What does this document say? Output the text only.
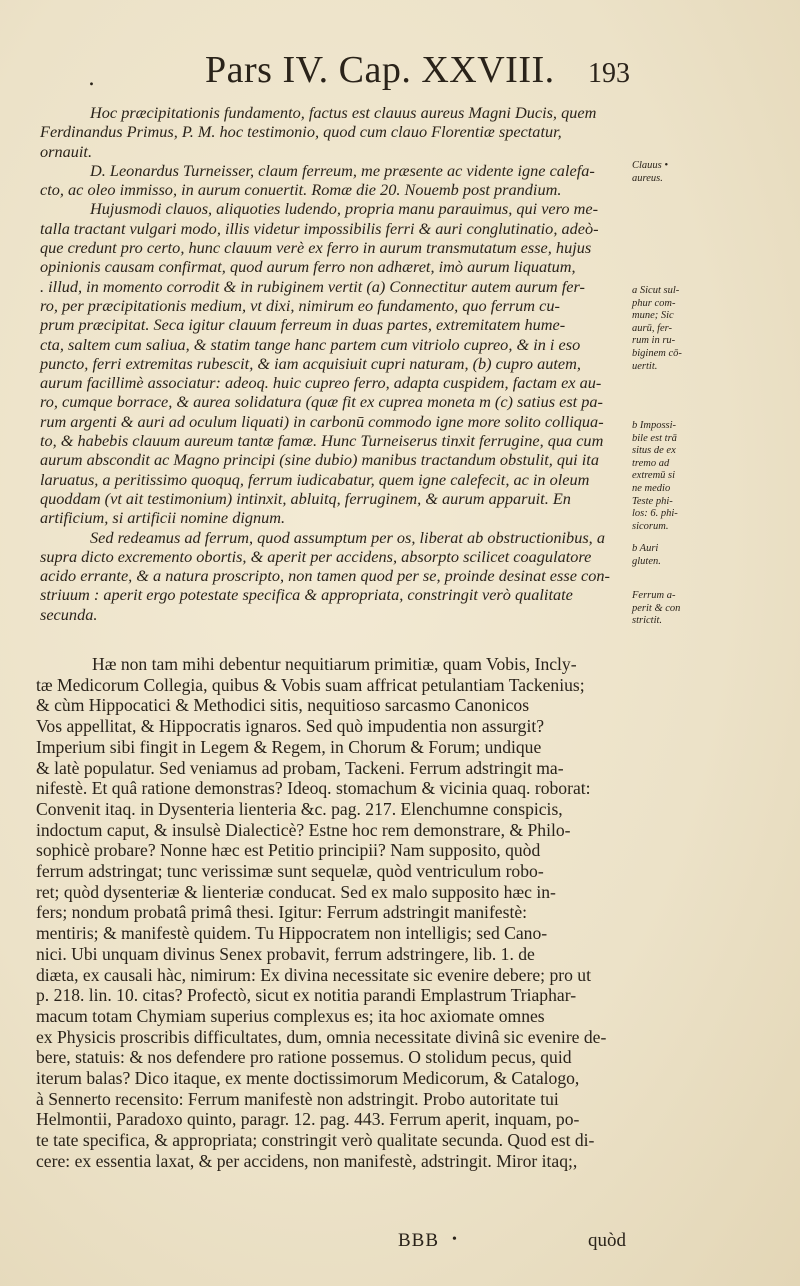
.	Pars IV. Cap. XXVIII. 193

Hoc præcipitationis fundamento, factus est clauus aureus Magni Ducis, quem
Ferdinandus Primus, P. M. hoc testimonio, quod cum clauo Florentiæ spectatur,
ornauit.

D. Leonardus Turneisser, claum ferreum, me præsente ac vidente igne calefa-
cto, ac oleo immisso, in aurum conuertit. Romæ die 20. Nouemb post prandium.

Hujusmodi clauos, aliquoties ludendo, propria manu parauimus, qui vero me-
talla tractant vulgari modo, illis videtur impossibilis ferri & auri conglutinatio, adeò-
que credunt pro certo, hunc clauum verè ex ferro in aurum transmutatum esse, hujus
opinionis causam confirmat, quod aurum ferro non adhæret, imò aurum liquatum,
. illud, in momento corrodit & in rubiginem vertit (a) Connectitur autem aurum fer-
ro, per præcipitationis medium, vt dixi, nimirum eo fundamento, quo ferrum cu-
prum præcipitat. Seca igitur clauum ferreum in duas partes, extremitatem hume-
cta, saltem cum saliua, & statim tange hanc partem cum vitriolo cupreo, & in i eso
puncto, ferri extremitas rubescit, & iam acquisiuit cupri naturam, (b) cupro autem,
aurum facillimè associatur: adeoq. huic cupreo ferro, adapta cuspidem, factam ex au-
ro, cumque borrace, & aurea solidatura (quæ fit ex cuprea moneta m (c) satius est pa-
rum argenti & auri ad oculum liquati) in carbonū commodo igne more solito colliqua-
to, & habebis clauum aureum tantæ famæ. Hunc Turneiserus tinxit ferrugine, qua cum
aurum abscondit ac Magno principi (sine dubio) manibus tractandum obstulit, qui ita
laruatus, a peritissimo quoquq, ferrum iudicabatur, quem igne calefecit, ac in oleum
quoddam (vt ait testimonium) intinxit, abluitq, ferruginem, & aurum apparuit. En
artificium, si artificii nomine dignum.

Sed redeamus ad ferrum, quod assumptum per os, liberat ab obstructionibus, a
supra dicto excremento obortis, & aperit per accidens, absorpto scilicet coagulatore
acido errante, & a natura proscripto, non tamen quod per se, proinde desinat esse con-
striuum : aperit ergo potestate specifica & appropriata, constringit verò qualitate
secunda.

Clauus •
aureus.
a Sicut sul-
phur com-
mune; Sic
aurū, fer-
rum in ru-
biginem cō-
uertit.
b Impossi-
bile est trā
situs de ex
tremo ad
extremū si
ne medio
Teste phi-
los: 6. phi-
sicorum.
b Auri
gluten.
Ferrum a-
perit & con
strictit.
Hæ non tam mihi debentur nequitiarum primitiæ, quam Vobis, Incly-
tæ Medicorum Collegia, quibus & Vobis suam affricat petulantiam Tackenius;
& cùm Hippocatici & Methodici sitis, nequitioso sarcasmo Canonicos
Vos appellitat, & Hippocratis ignaros. Sed quò impudentia non assurgit?
Imperium sibi fingit in Legem & Regem, in Chorum & Forum; undique
& latè populatur. Sed veniamus ad probam, Tackeni. Ferrum adstringit ma-
nifestè. Et quâ ratione demonstras? Ideoq. stomachum & vicinia quaq. roborat:
Convenit itaq. in Dysenteria lienteria &c. pag. 217. Elenchumne conspicis,
indoctum caput, & insulsè Dialecticè? Estne hoc rem demonstrare, & Philo-
sophicè probare? Nonne hæc est Petitio principii? Nam supposito, quòd
ferrum adstringat; tunc verissimæ sunt sequelæ, quòd ventriculum robo-
ret; quòd dysenteriæ & lienteriæ conducat. Sed ex malo supposito hæc in-
fers; nondum probatâ primâ thesi. Igitur: Ferrum adstringit manifestè:
mentiris; & manifestè quidem. Tu Hippocratem non intelligis; sed Cano-
nici. Ubi unquam divinus Senex probavit, ferrum adstringere, lib. 1. de
diæta, ex causali hàc, nimirum: Ex divina necessitate sic evenire debere; pro ut
p. 218. lin. 10. citas? Profectò, sicut ex notitia parandi Emplastrum Triaphar-
macum totam Chymiam superius complexus es; ita hoc axiomate omnes
ex Physicis proscribis difficultates, dum, omnia necessitate divinâ sic evenire de-
bere, statuis: & nos defendere pro ratione possemus. O stolidum pecus, quid
iterum balas? Dico itaque, ex mente doctissimorum Medicorum, & Catalogo,
à Sennerto recensito: Ferrum manifestè non adstringit. Probo autoritate tui
Helmontii, Paradoxo quinto, paragr. 12. pag. 443. Ferrum aperit, inquam, po-
te tate specifica, & appropriata; constringit verò qualitate secunda. Quod est di-
cere: ex essentia laxat, & per accidens, non manifestè, adstringit. Miror itaq;,
BBB •	quòd
